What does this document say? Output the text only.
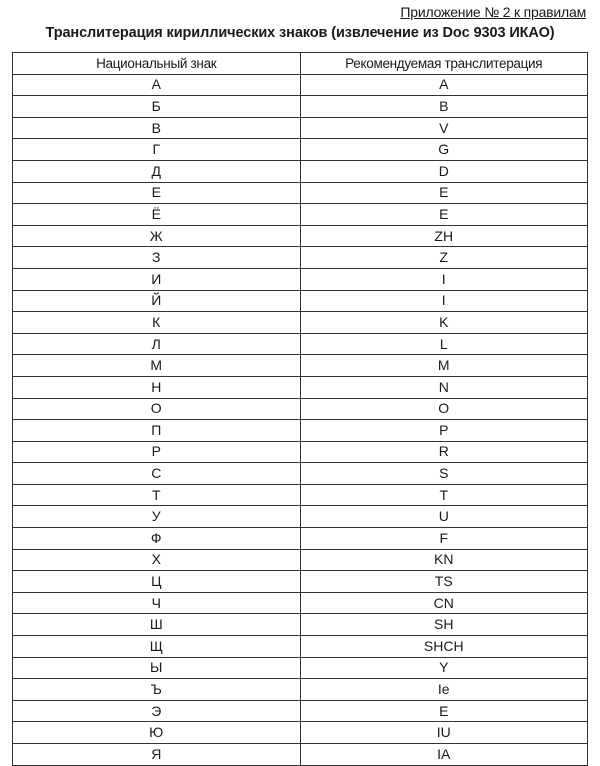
Приложение № 2 к правилам
Транслитерация кириллических знаков (извлечение из Doc 9303 ИКАО)
Национальный знак	Рекомендуемая транслитерация
А	A
Б	B
В	V
Г	G
Д	D
Е	E
Ё	E
Ж	ZH
З	Z
И	I
Й	I
К	K
Л	L
М	M
Н	N
О	O
П	P
Р	R
С	S
Т	T
У	U
Ф	F
Х	KN
Ц	TS
Ч	CN
Ш	SH
Щ	SHCH
Ы	Y
Ъ	Ie
Э	E
Ю	IU
Я	IA
